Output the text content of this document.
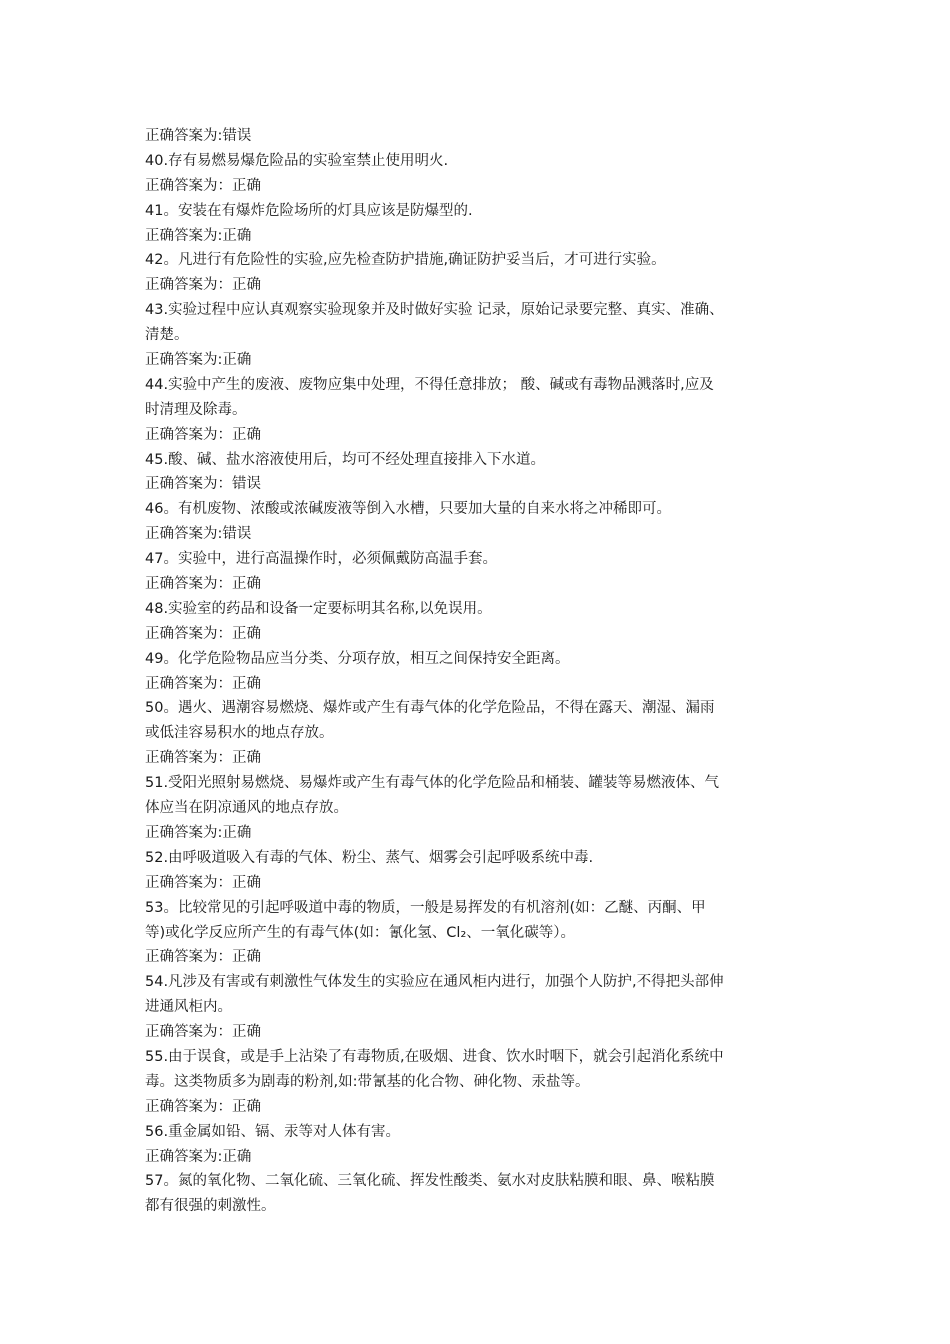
正确答案为:错误
40.存有易燃易爆危险品的实验室禁止使用明火.
正确答案为：正确
41。安装在有爆炸危险场所的灯具应该是防爆型的.
正确答案为:正确
42。凡进行有危险性的实验,应先检查防护措施,确证防护妥当后，才可进行实验。
正确答案为：正确
43.实验过程中应认真观察实验现象并及时做好实验 记录，原始记录要完整、真实、准确、
清楚。
正确答案为:正确
44.实验中产生的废液、废物应集中处理，不得任意排放； 酸、碱或有毒物品溅落时,应及
时清理及除毒。
正确答案为：正确
45.酸、碱、盐水溶液使用后，均可不经处理直接排入下水道。
正确答案为：错误
46。有机废物、浓酸或浓碱废液等倒入水槽，只要加大量的自来水将之冲稀即可。
正确答案为:错误
47。实验中，进行高温操作时，必须佩戴防高温手套。
正确答案为：正确
48.实验室的药品和设备一定要标明其名称,以免误用。
正确答案为：正确
49。化学危险物品应当分类、分项存放，相互之间保持安全距离。
正确答案为：正确
50。遇火、遇潮容易燃烧、爆炸或产生有毒气体的化学危险品，不得在露天、潮湿、漏雨
或低洼容易积水的地点存放。
正确答案为：正确
51.受阳光照射易燃烧、易爆炸或产生有毒气体的化学危险品和桶装、罐装等易燃液体、气
体应当在阴凉通风的地点存放。
正确答案为:正确
52.由呼吸道吸入有毒的气体、粉尘、蒸气、烟雾会引起呼吸系统中毒.
正确答案为：正确
53。比较常见的引起呼吸道中毒的物质，一般是易挥发的有机溶剂(如：乙醚、丙酮、甲
等)或化学反应所产生的有毒气体(如：氰化氢、Cl₂、一氧化碳等）。
正确答案为：正确
54.凡涉及有害或有刺激性气体发生的实验应在通风柜内进行，加强个人防护,不得把头部伸
进通风柜内。
正确答案为：正确
55.由于误食，或是手上沾染了有毒物质,在吸烟、进食、饮水时咽下，就会引起消化系统中
毒。这类物质多为剧毒的粉剂,如:带氰基的化合物、砷化物、汞盐等。
正确答案为：正确
56.重金属如铅、镉、汞等对人体有害。
正确答案为:正确
57。氮的氧化物、二氧化硫、三氧化硫、挥发性酸类、氨水对皮肤粘膜和眼、鼻、喉粘膜
都有很强的刺激性。
